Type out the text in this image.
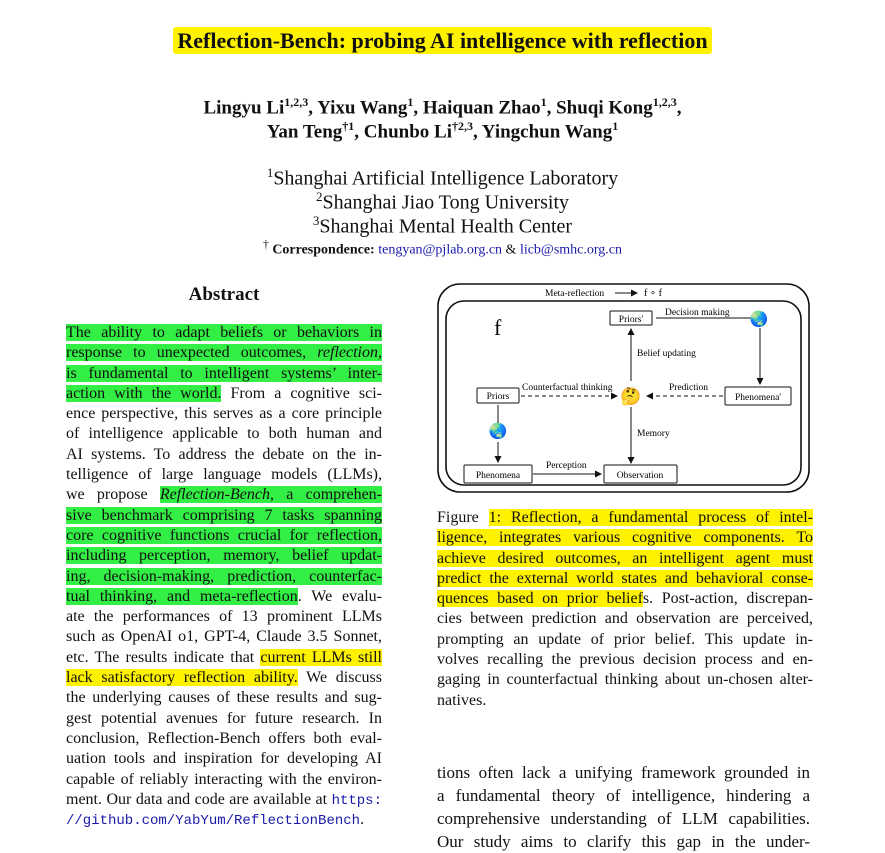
Reflection-Bench: probing AI intelligence with reflection
Lingyu Li$^{1,2,3}$, Yixu Wang$^1$, Haiquan Zhao$^1$, Shuqi Kong$^{1,2,3}$,
Yan Teng$^{\dagger 1}$, Chunbo Li$^{\dagger 2,3}$, Yingchun Wang$^1$
$^1$Shanghai Artificial Intelligence Laboratory
$^2$Shanghai Jiao Tong University
$^3$Shanghai Mental Health Center
† Correspondence: tengyan@pjlab.org.cn & licb@smhc.org.cn
Abstract
The ability to adapt beliefs or behaviors in
response to unexpected outcomes, reflection,
is fundamental to intelligent systems’ inter-
action with the world. From a cognitive sci-
ence perspective, this serves as a core principle
of intelligence applicable to both human and
AI systems. To address the debate on the in-
telligence of large language models (LLMs),
we propose Reflection-Bench, a comprehen-
sive benchmark comprising 7 tasks spanning
core cognitive functions crucial for reflection,
including perception, memory, belief updat-
ing, decision-making, prediction, counterfac-
tual thinking, and meta-reflection. We evalu-
ate the performances of 13 prominent LLMs
such as OpenAI o1, GPT-4, Claude 3.5 Sonnet,
etc. The results indicate that current LLMs still
lack satisfactory reflection ability. We discuss
the underlying causes of these results and sug-
gest potential avenues for future research. In
conclusion, Reflection-Bench offers both eval-
uation tools and inspiration for developing AI
capable of reliably interacting with the environ-
ment. Our data and code are available at https:
//github.com/YabYum/ReflectionBench.
Meta-reflection	f ∘ f
f	Priors'
Decision making 🌏
Phenomena'
Belief updating
🤔
Priors
Counterfactual thinking	Prediction
Memory
🌏
Phenomena
Perception
Observation
Figure 1: Reflection, a fundamental process of intel-
ligence, integrates various cognitive components. To
achieve desired outcomes, an intelligent agent must
predict the external world states and behavioral conse-
quences based on prior beliefs. Post-action, discrepan-
cies between prediction and observation are perceived,
prompting an update of prior belief. This update in-
volves recalling the previous decision process and en-
gaging in counterfactual thinking about un-chosen alter-
natives.
tions often lack a unifying framework grounded in
a fundamental theory of intelligence, hindering a
comprehensive understanding of LLM capabilities.
Our study aims to clarify this gap in the under-
